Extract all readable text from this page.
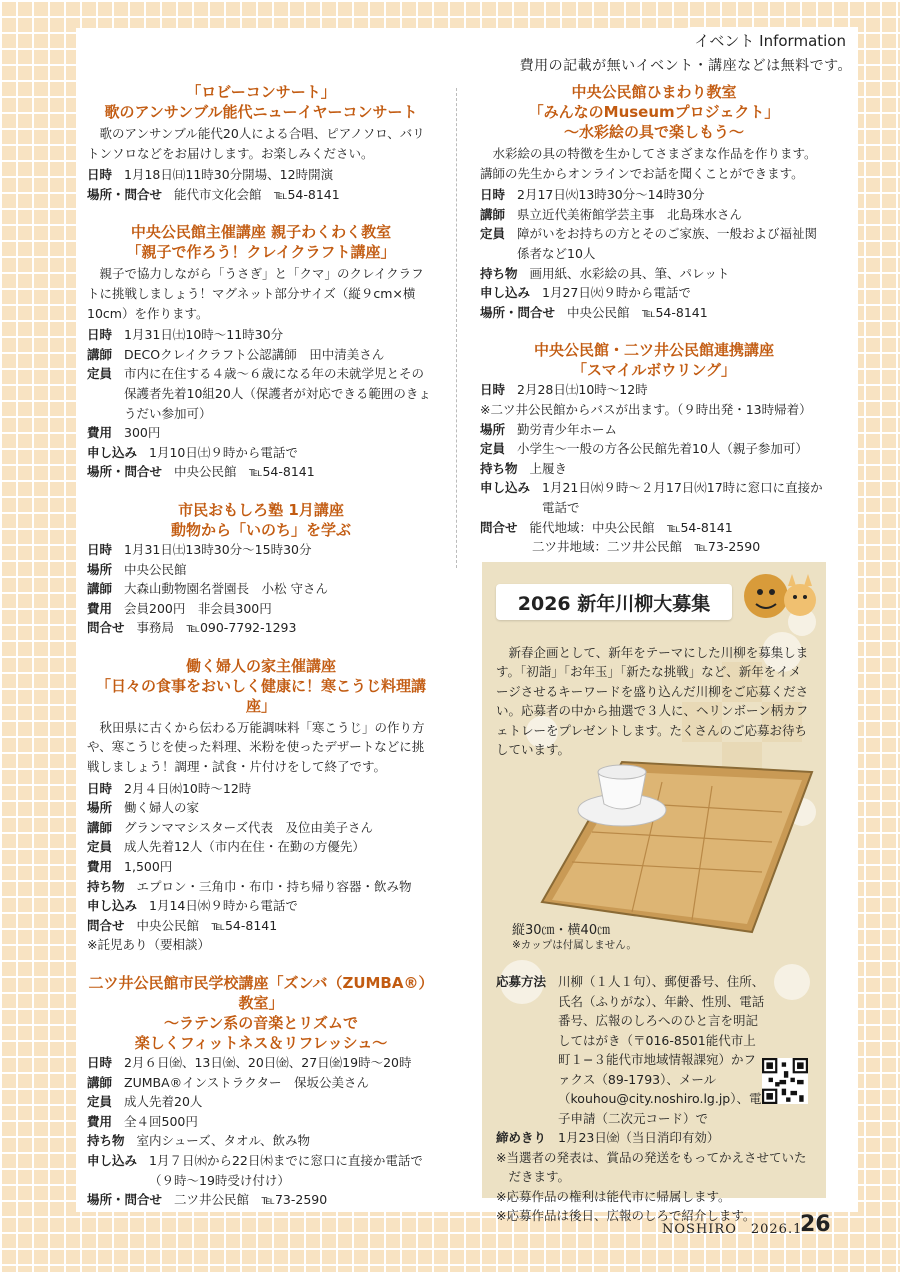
イベント Information
費用の記載が無いイベント・講座などは無料です。
「ロビーコンサート」
歌のアンサンブル能代ニューイヤーコンサート

歌のアンサンブル能代20人による合唱、ピアノソロ、バリトンソロなどをお届けします。お楽しみください。

日時 1月18日㈰11時30分開場、12時開演
場所・問合せ 能代市文化会館　℡54-8141
中央公民館主催講座 親子わくわく教室
「親子で作ろう！クレイクラフト講座」

親子で協力しながら「うさぎ」と「クマ」のクレイクラフトに挑戦しましょう！マグネット部分サイズ（縦９cm×横10cm）を作ります。

日時 1月31日㈯10時〜11時30分
講師 DECOクレイクラフト公認講師　田中清美さん
定員 市内に在住する４歳〜６歳になる年の未就学児とその保護者先着10組20人（保護者が対応できる範囲のきょうだい参加可）
費用 300円
申し込み 1月10日㈯９時から電話で
場所・問合せ 中央公民館　℡54-8141
市民おもしろ塾 1月講座
動物から「いのち」を学ぶ
日時 1月31日㈯13時30分〜15時30分
場所 中央公民館
講師 大森山動物園名誉園長　小松 守さん
費用 会員200円　非会員300円
問合せ 事務局　℡090-7792-1293
働く婦人の家主催講座
「日々の食事をおいしく健康に！寒こうじ料理講座」

秋田県に古くから伝わる万能調味料「寒こうじ」の作り方や、寒こうじを使った料理、米粉を使ったデザートなどに挑戦しましょう！調理・試食・片付けをして終了です。

日時 2月４日㈬10時〜12時
場所 働く婦人の家
講師 グランママシスターズ代表　及位由美子さん
定員 成人先着12人（市内在住・在勤の方優先）
費用 1,500円
持ち物 エプロン・三角巾・布巾・持ち帰り容器・飲み物
申し込み 1月14日㈬９時から電話で
問合せ 中央公民館　℡54-8141

※託児あり（要相談）

二ツ井公民館市民学校講座「ズンバ（ZUMBA®）教室」
〜ラテン系の音楽とリズムで
楽しくフィットネス＆リフレッシュ〜
日時 2月６日㈮、13日㈮、20日㈮、27日㈮19時〜20時
講師 ZUMBA®インストラクター　保坂公美さん
定員 成人先着20人
費用 全４回500円
持ち物 室内シューズ、タオル、飲み物
申し込み 1月７日㈬から22日㈭までに窓口に直接か電話で（９時〜19時受け付け）
場所・問合せ 二ツ井公民館　℡73-2590
中央公民館ひまわり教室
「みんなのMuseumプロジェクト」
〜水彩絵の具で楽しもう〜

水彩絵の具の特徴を生かしてさまざまな作品を作ります。講師の先生からオンラインでお話を聞くことができます。

日時 2月17日㈫13時30分〜14時30分
講師 県立近代美術館学芸主事　北島珠水さん
定員 障がいをお持ちの方とそのご家族、一般および福祉関係者など10人
持ち物 画用紙、水彩絵の具、筆、パレット
申し込み 1月27日㈫９時から電話で
場所・問合せ 中央公民館　℡54-8141
中央公民館・二ツ井公民館連携講座
「スマイルボウリング」
日時 2月28日㈯10時〜12時

※二ツ井公民館からバスが出ます。（９時出発・13時帰着）

場所 勤労青少年ホーム
定員 小学生〜一般の方各公民館先着10人（親子参加可）
持ち物 上履き
申し込み 1月21日㈬９時〜２月17日㈫17時に窓口に直接か電話で
問合せ 能代地域：中央公民館　℡54-8141

二ツ井地域：二ツ井公民館　℡73-2590

2026 新年川柳大募集

新春企画として、新年をテーマにした川柳を募集します。「初詣」「お年玉」「新たな挑戦」など、新年をイメージさせるキーワードを盛り込んだ川柳をご応募ください。応募者の中から抽選で３人に、ヘリンボーン柄カフェトレーをプレゼントします。たくさんのご応募お待ちしています。

縦30㎝・横40㎝
※カップは付属しません。
応募方法 川柳（１人１句）、郵便番号、住所、氏名（ふりがな）、年齢、性別、電話番号、広報のしろへのひと言を明記してはがき（〒016-8501能代市上町１−３能代市地域情報課宛）かファクス（89-1793）、メール（kouhou@city.noshiro.lg.jp）、電子申請（二次元コード）で
締めきり 1月23日㈮（当日消印有効）
※当選者の発表は、賞品の発送をもってかえさせていただきます。
※応募作品の権利は能代市に帰属します。
※応募作品は後日、広報のしろで紹介します。
NOSHIRO　2026.1
26
